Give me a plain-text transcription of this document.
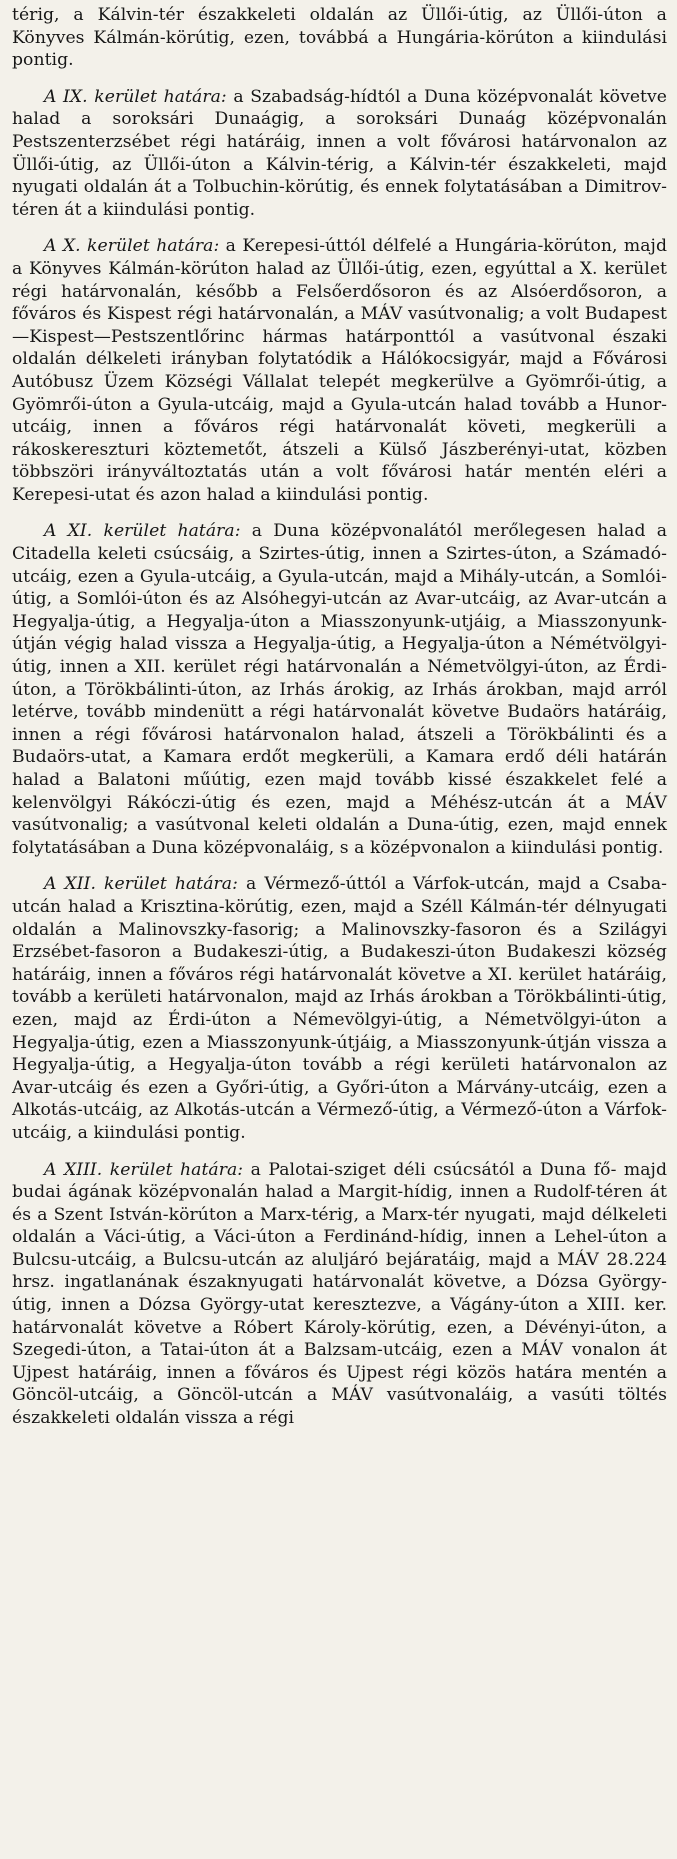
térig, a Kálvin-tér északkeleti oldalán az Üllői-útig, az Üllői-úton a Könyves Kálmán-körútig, ezen, továbbá a Hungária-körúton a kiindulási pontig.

A IX. kerület határa: a Szabadság-hídtól a Duna középvonalát követve halad a soroksári Dunaágig, a soroksári Dunaág középvonalán Pestszenterzsébet régi határáig, innen a volt fővárosi határvonalon az Üllői-útig, az Üllői-úton a Kálvin-térig, a Kálvin-tér északkeleti, majd nyugati oldalán át a Tolbuchin-körútig, és ennek folytatásában a Dimitrov-téren át a kiindulási pontig.

A X. kerület határa: a Kerepesi-úttól délfelé a Hungária-körúton, majd a Könyves Kálmán-körúton halad az Üllői-útig, ezen, egyúttal a X. kerület régi határvonalán, később a Felsőerdősoron és az Alsóerdősoron, a főváros és Kispest régi határvonalán, a MÁV vasútvonalig; a volt Budapest—Kispest—Pestszentlőrinc hármas határponttól a vasútvonal északi oldalán délkeleti irányban folytatódik a Hálókocsigyár, majd a Fővárosi Autóbusz Üzem Községi Vállalat telepét megkerülve a Gyömrői-útig, a Gyömrői-úton a Gyula-utcáig, majd a Gyula-utcán halad tovább a Hunor-utcáig, innen a főváros régi határvonalát követi, megkerüli a rákoskereszturi köztemetőt, átszeli a Külső Jászberényi-utat, közben többszöri irányváltoztatás után a volt fővárosi határ mentén eléri a Kerepesi-utat és azon halad a kiindulási pontig.

A XI. kerület határa: a Duna középvonalától merőlegesen halad a Citadella keleti csúcsáig, a Szirtes-útig, innen a Szirtes-úton, a Számadó-utcáig, ezen a Gyula-utcáig, a Gyula-utcán, majd a Mihály-utcán, a Somlói-útig, a Somlói-úton és az Alsóhegyi-utcán az Avar-utcáig, az Avar-utcán a Hegyalja-útig, a Hegyalja-úton a Miasszonyunk-utjáig, a Miasszonyunk-útján végig halad vissza a Hegyalja-útig, a Hegyalja-úton a Némétvölgyi-útig, innen a XII. kerület régi határvonalán a Németvölgyi-úton, az Érdi-úton, a Törökbálinti-úton, az Irhás árokig, az Irhás árokban, majd arról letérve, tovább mindenütt a régi határvonalát követve Budaörs határáig, innen a régi fővárosi határvonalon halad, átszeli a Törökbálinti és a Budaörs-utat, a Kamara erdőt megkerüli, a Kamara erdő déli határán halad a Balatoni műútig, ezen majd tovább kissé északkelet felé a kelenvölgyi Rákóczi-útig és ezen, majd a Méhész-utcán át a MÁV vasútvonalig; a vasútvonal keleti oldalán a Duna-útig, ezen, majd ennek folytatásában a Duna középvonaláig, s a középvonalon a kiindulási pontig.

A XII. kerület határa: a Vérmező-úttól a Várfok-utcán, majd a Csaba-utcán halad a Krisztina-körútig, ezen, majd a Széll Kálmán-tér délnyugati oldalán a Malinovszky-fasorig; a Malinovszky-fasoron és a Szilágyi Erzsébet-fasoron a Budakeszi-útig, a Budakeszi-úton Budakeszi község határáig, innen a főváros régi határvonalát követve a XI. kerület határáig, tovább a kerületi határvonalon, majd az Irhás árokban a Törökbálinti-útig, ezen, majd az Érdi-úton a Némevölgyi-útig, a Németvölgyi-úton a Hegyalja-útig, ezen a Miasszonyunk-útjáig, a Miasszonyunk-útján vissza a Hegyalja-útig, a Hegyalja-úton tovább a régi kerületi határvonalon az Avar-utcáig és ezen a Győri-útig, a Győri-úton a Márvány-utcáig, ezen a Alkotás-utcáig, az Alkotás-utcán a Vérmező-útig, a Vérmező-úton a Várfok-utcáig, a kiindulási pontig.

A XIII. kerület határa: a Palotai-sziget déli csúcsától a Duna fő- majd budai ágának középvonalán halad a Margit-hídig, innen a Rudolf-téren át és a Szent István-körúton a Marx-térig, a Marx-tér nyugati, majd délkeleti oldalán a Váci-útig, a Váci-úton a Ferdinánd-hídig, innen a Lehel-úton a Bulcsu-utcáig, a Bulcsu-utcán az aluljáró bejáratáig, majd a MÁV 28.224 hrsz. ingatlanának északnyugati határvonalát követve, a Dózsa György-útig, innen a Dózsa György-utat keresztezve, a Vágány-úton a XIII. ker. határvonalát követve a Róbert Károly-körútig, ezen, a Dévényi-úton, a Szegedi-úton, a Tatai-úton át a Balzsam-utcáig, ezen a MÁV vonalon át Ujpest határáig, innen a főváros és Ujpest régi közös határa mentén a Göncöl-utcáig, a Göncöl-utcán a MÁV vasútvonaláig, a vasúti töltés északkeleti oldalán vissza a régi
